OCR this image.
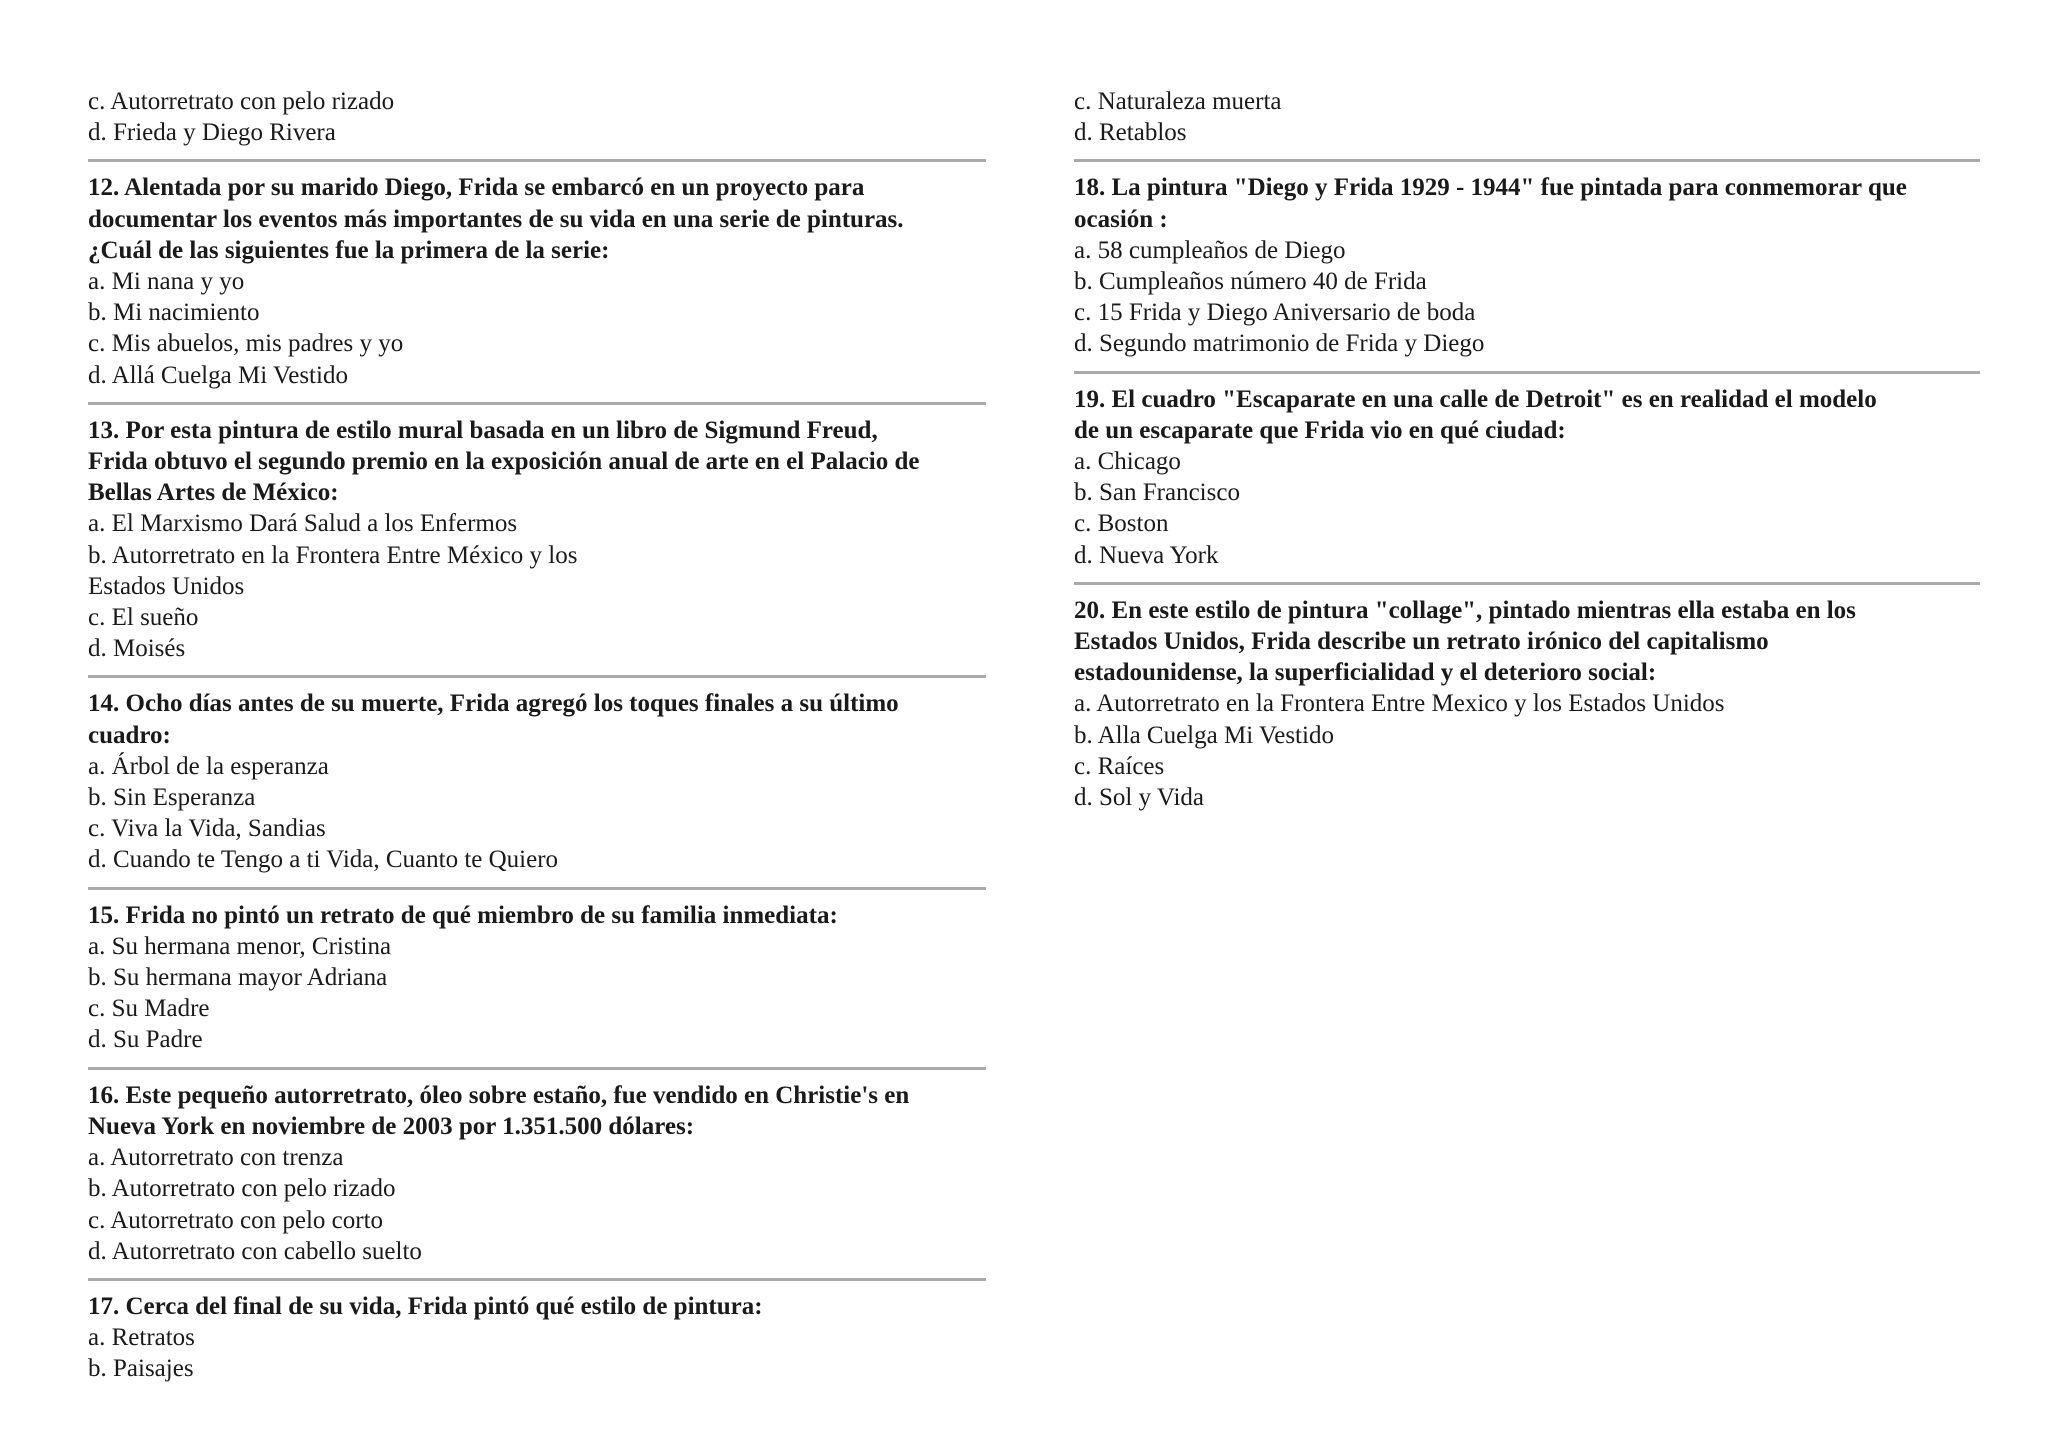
c. Autorretrato con pelo rizado
d. Frieda y Diego Rivera
12. Alentada por su marido Diego, Frida se embarcó en un proyecto para
documentar los eventos más importantes de su vida en una serie de pinturas.
¿Cuál de las siguientes fue la primera de la serie:
a. Mi nana y yo
b. Mi nacimiento
c. Mis abuelos, mis padres y yo
d. Allá Cuelga Mi Vestido
13. Por esta pintura de estilo mural basada en un libro de Sigmund Freud,
Frida obtuvo el segundo premio en la exposición anual de arte en el Palacio de
Bellas Artes de México:
a. El Marxismo Dará Salud a los Enfermos
b. Autorretrato en la Frontera Entre México y los
Estados Unidos
c. El sueño
d. Moisés
14. Ocho días antes de su muerte, Frida agregó los toques finales a su último
cuadro:
a. Árbol de la esperanza
b. Sin Esperanza
c. Viva la Vida, Sandias
d. Cuando te Tengo a ti Vida, Cuanto te Quiero
15. Frida no pintó un retrato de qué miembro de su familia inmediata:
a. Su hermana menor, Cristina
b. Su hermana mayor Adriana
c. Su Madre
d. Su Padre
16. Este pequeño autorretrato, óleo sobre estaño, fue vendido en Christie's en
Nueva York en noviembre de 2003 por 1.351.500 dólares:
a. Autorretrato con trenza
b. Autorretrato con pelo rizado
c. Autorretrato con pelo corto
d. Autorretrato con cabello suelto
17. Cerca del final de su vida, Frida pintó qué estilo de pintura:
a. Retratos
b. Paisajes
c. Naturaleza muerta
d. Retablos
18. La pintura "Diego y Frida 1929 - 1944" fue pintada para conmemorar que
ocasión :
a. 58 cumpleaños de Diego
b. Cumpleaños número 40 de Frida
c. 15 Frida y Diego Aniversario de boda
d. Segundo matrimonio de Frida y Diego
19. El cuadro "Escaparate en una calle de Detroit" es en realidad el modelo
de un escaparate que Frida vio en qué ciudad:
a. Chicago
b. San Francisco
c. Boston
d. Nueva York
20. En este estilo de pintura "collage", pintado mientras ella estaba en los
Estados Unidos, Frida describe un retrato irónico del capitalismo
estadounidense, la superficialidad y el deterioro social:
a. Autorretrato en la Frontera Entre Mexico y los Estados Unidos
b. Alla Cuelga Mi Vestido
c. Raíces
d. Sol y Vida
